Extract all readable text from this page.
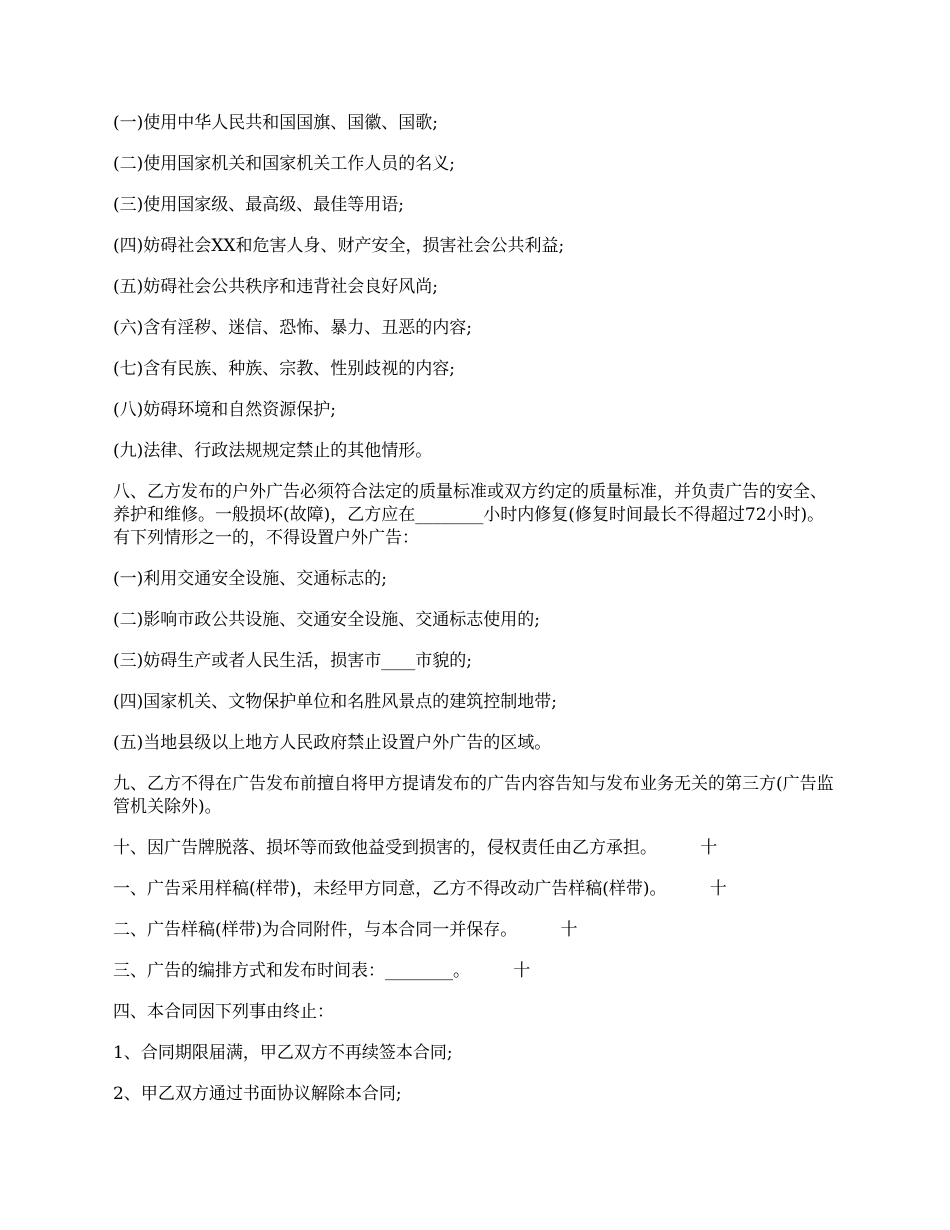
(一)使用中华人民共和国国旗、国徽、国歌;

(二)使用国家机关和国家机关工作人员的名义;

(三)使用国家级、最高级、最佳等用语;

(四)妨碍社会XX和危害人身、财产安全，损害社会公共利益;

(五)妨碍社会公共秩序和违背社会良好风尚;

(六)含有淫秽、迷信、恐怖、暴力、丑恶的内容;

(七)含有民族、种族、宗教、性别歧视的内容;

(八)妨碍环境和自然资源保护;

(九)法律、行政法规规定禁止的其他情形。

八、乙方发布的户外广告必须符合法定的质量标准或双方约定的质量标准，并负责广告的安全、养护和维修。一般损坏(故障)，乙方应在________小时内修复(修复时间最长不得超过72小时)。        有下列情形之一的，不得设置户外广告：

(一)利用交通安全设施、交通标志的;

(二)影响市政公共设施、交通安全设施、交通标志使用的;

(三)妨碍生产或者人民生活，损害市____市貌的;

(四)国家机关、文物保护单位和名胜风景点的建筑控制地带;

(五)当地县级以上地方人民政府禁止设置户外广告的区域。

九、乙方不得在广告发布前擅自将甲方提请发布的广告内容告知与发布业务无关的第三方(广告监管机关除外)。

十、因广告牌脱落、损坏等而致他益受到损害的，侵权责任由乙方承担。        十

一、广告采用样稿(样带)，未经甲方同意，乙方不得改动广告样稿(样带)。        十

二、广告样稿(样带)为合同附件，与本合同一并保存。        十

三、广告的编排方式和发布时间表：________。        十

四、本合同因下列事由终止：

1、合同期限届满，甲乙双方不再续签本合同;

2、甲乙双方通过书面协议解除本合同;
